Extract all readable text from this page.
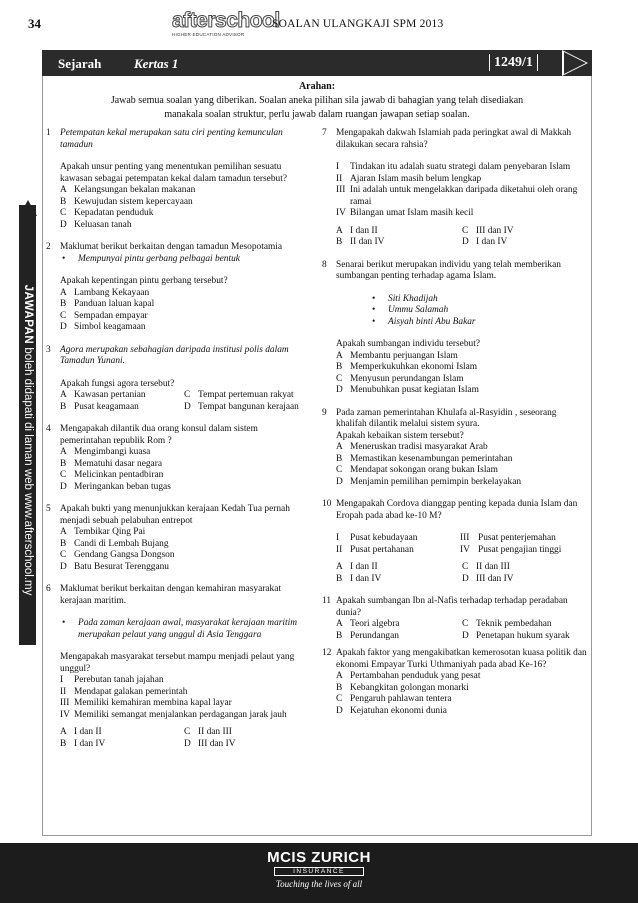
34	afterschool
HIGHER EDUCATION ADVISOR
SOALAN ULANGKAJI SPM 2013
Sejarah	Kertas 1	1249/1
JAWAPAN boleh didapati di laman web www.afterschool.my
Arahan:
Jawab semua soalan yang diberikan. Soalan aneka pilihan sila jawab di bahagian yang telah disediakan
manakala soalan struktur, perlu jawab dalam ruangan jawapan setiap soalan.
1 Petempatan kekal merupakan satu ciri penting kemunculan tamadun
Apakah unsur penting yang menentukan pemilihan sesuatu kawasan sebagai petempatan kekal dalam tamadun tersebut?
A Kelangsungan bekalan makanan
B Kewujudan sistem kepercayaan
C Kepadatan penduduk
D Keluasan tanah
2 Maklumat berikut berkaitan dengan tamadun Mesopotamia
•	Mempunyai pintu gerbang pelbagai bentuk
Apakah kepentingan pintu gerbang tersebut?
A Lambang Kekayaan
B Panduan laluan kapal
C Sempadan empayar
D Simbol keagamaan
3 Agora merupakan sebahagian daripada institusi polis dalam Tamadun Yunani.
Apakah fungsi agora tersebut?
A Kawasan pertanian	C Tempat pertemuan rakyat
B Pusat keagamaan	D Tempat bangunan kerajaan
4 Mengapakah dilantik dua orang konsul dalam sistem pemerintahan republik Rom ?
A Mengimbangi kuasa
B Mematuhi dasar negara
C Melicinkan pentadbiran
D Meringankan beban tugas
5 Apakah bukti yang menunjukkan kerajaan Kedah Tua pernah menjadi sebuah pelabuhan entrepot
A Tembikar Qing Pai
B Candi di Lembah Bujang
C Gendang Gangsa Dongson
D Batu Besurat Terengganu
6 Maklumat berikut berkaitan dengan kemahiran masyarakat kerajaan maritim.
•	Pada zaman kerajaan awal, masyarakat kerajaan maritim merupakan pelaut yang unggul di Asia Tenggara
Mengapakah masyarakat tersebut mampu menjadi pelaut yang unggul?
I	Perebutan tanah jajahan
II Mendapat galakan pemerintah
III Memiliki kemahiran membina kapal layar
IV Memiliki semangat menjalankan perdagangan jarak jauh
A I dan II	C II dan III
B I dan IV	D III dan IV
7 Mengapakah dakwah Islamiah pada peringkat awal di Makkah dilakukan secara rahsia?
I	Tindakan itu adalah suatu strategi dalam penyebaran Islam
II Ajaran Islam masih belum lengkap
III Ini adalah untuk mengelakkan daripada diketahui oleh orang ramai
IV Bilangan umat Islam masih kecil
A I dan II	C III dan IV
B II dan IV	D I dan IV
8 Senarai berikut merupakan individu yang telah memberikan sumbangan penting terhadap agama Islam.
•	Siti Khadijah
•	Ummu Salamah
•	Aisyah binti Abu Bakar
Apakah sumbangan individu tersebut?
A Membantu perjuangan Islam
B Memperkukuhkan ekonomi Islam
C Menyusun perundangan Islam
D Menubuhkan pusat kegiatan Islam
9 Pada zaman pemerintahan Khulafa al-Rasyidin , seseorang khalifah dilantik melalui sistem syura.
Apakah kebaikan sistem tersebut?
A Meneruskan tradisi masyarakat Arab
B Memastikan kesenambungan pemerintahan
C Mendapat sokongan orang bukan Islam
D Menjamin pemilihan pemimpin berkelayakan
10 Mengapakah Cordova dianggap penting kepada dunia Islam dan Eropah pada abad ke-10 M?
I	Pusat kebudayaan	III Pusat penterjemahan
II Pusat pertahanan	IV Pusat pengajian tinggi
A I dan II	C II dan III
B I dan IV	D III dan IV
11 Apakah sumbangan Ibn al-Nafis terhadap terhadap peradaban dunia?
A Teori algebra	C Teknik pembedahan
B Perundangan	D Penetapan hukum syarak
12 Apakah faktor yang mengakibatkan kemerosotan kuasa politik dan ekonomi Empayar Turki Uthmaniyah pada abad Ke-16?
A Pertambahan penduduk yang pesat
B Kebangkitan golongan monarki
C Pengaruh pahlawan tentera
D Kejatuhan ekonomi dunia
MCIS ZURICH
INSURANCE
Touching the lives of all
